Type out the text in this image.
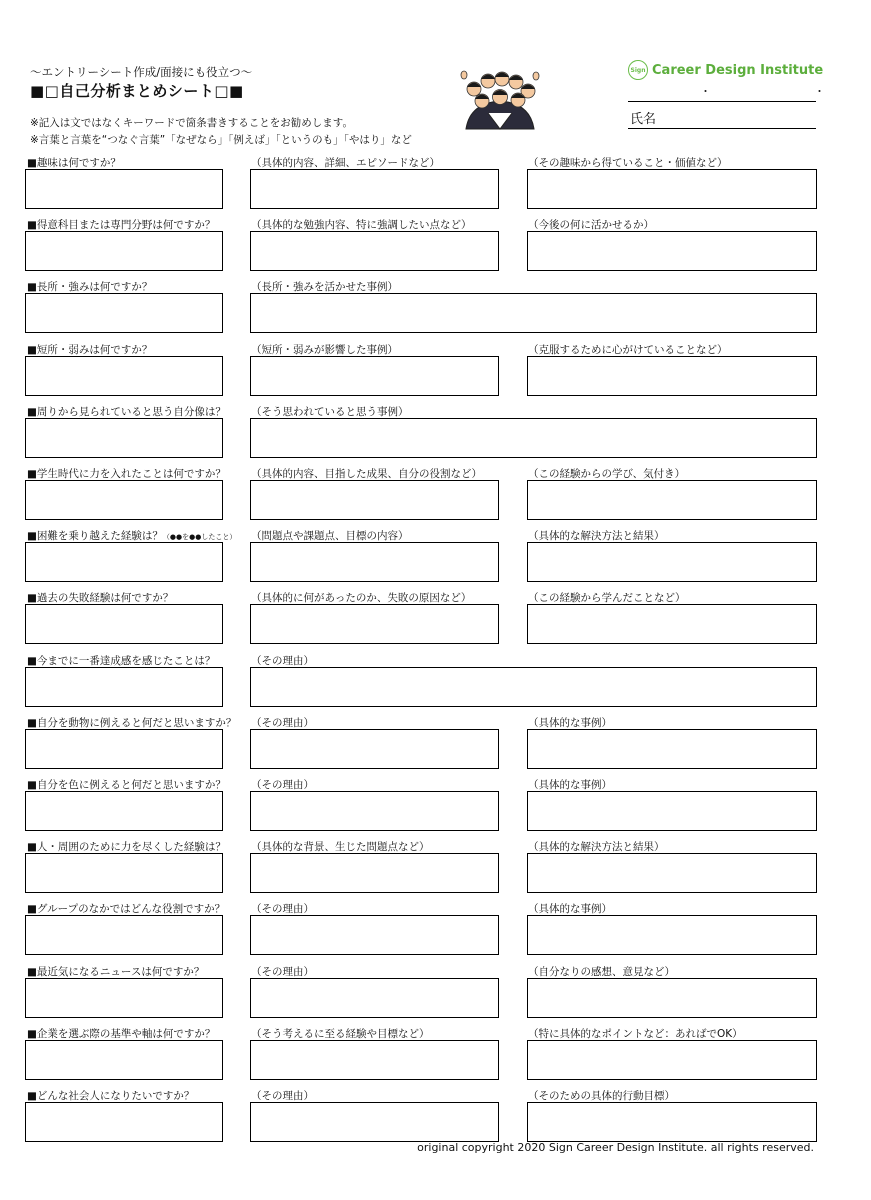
～エントリーシート作成/面接にも役立つ～
■□自己分析まとめシート□■
※記入は文ではなくキーワードで箇条書きすることをお勧めします。
※言葉と言葉を“つなぐ言葉”「なぜなら」「例えば」「というのも」「やはり」など
Sign Career Design Institute
・　・
氏名
■趣味は何ですか？	（具体的内容、詳細、エピソードなど）	（その趣味から得ていること・価値など）
■得意科目または専門分野は何ですか？	（具体的な勉強内容、特に強調したい点など）	（今後の何に活かせるか）
■長所・強みは何ですか？	（長所・強みを活かせた事例）
■短所・弱みは何ですか？	（短所・弱みが影響した事例）	（克服するために心がけていることなど）
■周りから見られていると思う自分像は？ （そう思われていると思う事例）
■学生時代に力を入れたことは何ですか？ （具体的内容、目指した成果、自分の役割など）	（この経験からの学び、気付き）
■困難を乗り越えた経験は？（●●を●●したこと） （問題点や課題点、目標の内容）	（具体的な解決方法と結果）
■過去の失敗経験は何ですか？	（具体的に何があったのか、失敗の原因など）	（この経験から学んだことなど）
■今までに一番達成感を感じたことは？	（その理由）
■自分を動物に例えると何だと思いますか？ （その理由）	（具体的な事例）
■自分を色に例えると何だと思いますか？ （その理由）	（具体的な事例）
■人・周囲のために力を尽くした経験は？ （具体的な背景、生じた問題点など）	（具体的な解決方法と結果）
■グループのなかではどんな役割ですか？ （その理由）	（具体的な事例）
■最近気になるニュースは何ですか？	（その理由）	（自分なりの感想、意見など）
■企業を選ぶ際の基準や軸は何ですか？	（そう考えるに至る経験や目標など）	（特に具体的なポイントなど：あればでOK）
■どんな社会人になりたいですか？	（その理由）	（そのための具体的行動目標）
original copyright 2020 Sign Career Design Institute. all rights reserved.
